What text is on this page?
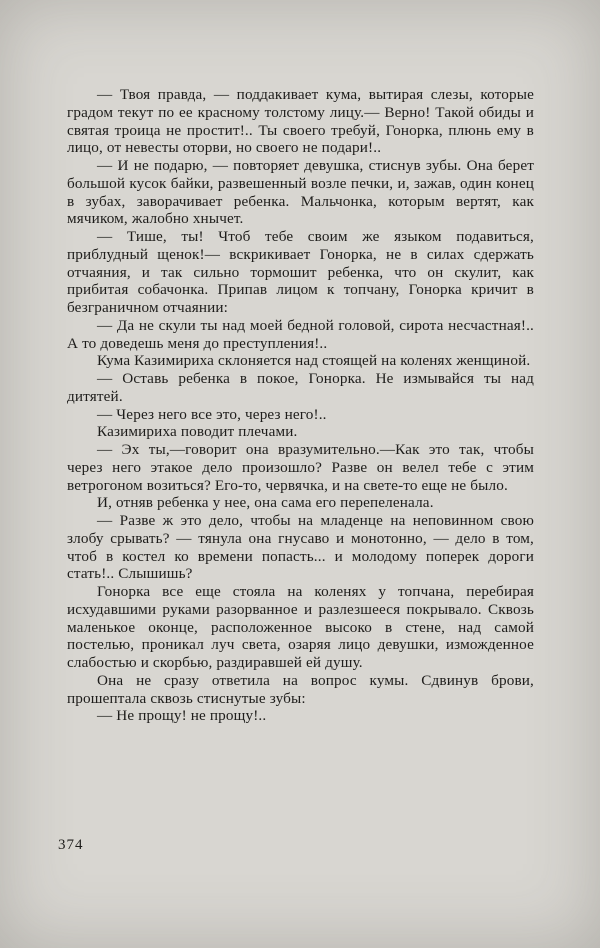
— Твоя правда, — поддакивает кума, вытирая слезы, которые градом текут по ее красному толстому лицу.— Верно! Такой обиды и святая троица не простит!.. Ты своего требуй, Гонорка, плюнь ему в лицо, от невесты оторви, но своего не подари!..

— И не подарю, — повторяет девушка, стиснув зубы. Она берет большой кусок байки, развешенный возле печки, и, зажав, один конец в зубах, заворачивает ребенка. Мальчонка, которым вертят, как мячиком, жалобно хнычет.

— Тише, ты! Чтоб тебе своим же языком подавиться, приблудный щенок!— вскрикивает Гонорка, не в силах сдержать отчаяния, и так сильно тормошит ребенка, что он скулит, как прибитая собачонка. Припав лицом к топчану, Гонорка кричит в безграничном отчаянии:

— Да не скули ты над моей бедной головой, сирота несчастная!.. А то доведешь меня до преступления!..

Кума Казимириха склоняется над стоящей на коленях женщиной.

— Оставь ребенка в покое, Гонорка. Не измывайся ты над дитятей.

— Через него все это, через него!..

Казимириха поводит плечами.

— Эх ты,—говорит она вразумительно.—Как это так, чтобы через него этакое дело произошло? Разве он велел тебе с этим ветрогоном возиться? Его-то, червячка, и на свете-то еще не было.

И, отняв ребенка у нее, она сама его перепеленала.

— Разве ж это дело, чтобы на младенце на неповинном свою злобу срывать? — тянула она гнусаво и монотонно, — дело в том, чтоб в костел ко времени попасть... и молодому поперек дороги стать!.. Слышишь?

Гонорка все еще стояла на коленях у топчана, перебирая исхудавшими руками разорванное и разлезшееся покрывало. Сквозь маленькое оконце, расположенное высоко в стене, над самой постелью, проникал луч света, озаряя лицо девушки, изможденное слабостью и скорбью, раздиравшей ей душу.

Она не сразу ответила на вопрос кумы. Сдвинув брови, прошептала сквозь стиснутые зубы:

— Не прощу! не прощу!..

374
